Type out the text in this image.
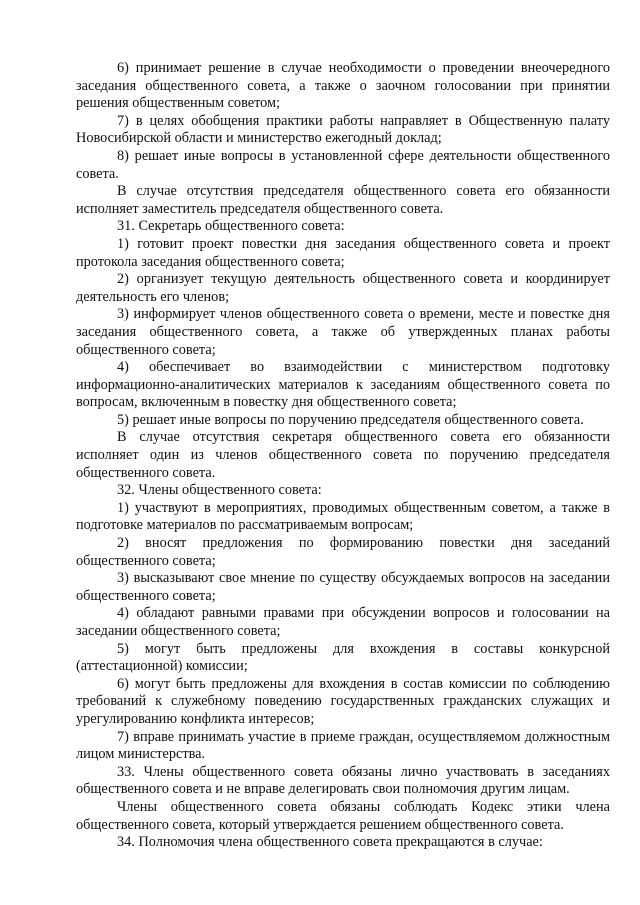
6) принимает решение в случае необходимости о проведении внеочередного заседания общественного совета, а также о заочном голосовании при принятии решения общественным советом;

7) в целях обобщения практики работы направляет в Общественную палату Новосибирской области и министерство ежегодный доклад;

8) решает иные вопросы в установленной сфере деятельности общественного совета.

В случае отсутствия председателя общественного совета его обязанности исполняет заместитель председателя общественного совета.

31. Секретарь общественного совета:

1) готовит проект повестки дня заседания общественного совета и проект протокола заседания общественного совета;

2) организует текущую деятельность общественного совета и координирует деятельность его членов;

3) информирует членов общественного совета о времени, месте и повестке дня заседания общественного совета, а также об утвержденных планах работы общественного совета;

4) обеспечивает во взаимодействии с министерством подготовку информационно-аналитических материалов к заседаниям общественного совета по вопросам, включенным в повестку дня общественного совета;

5) решает иные вопросы по поручению председателя общественного совета.

В случае отсутствия секретаря общественного совета его обязанности исполняет один из членов общественного совета по поручению председателя общественного совета.

32. Члены общественного совета:

1) участвуют в мероприятиях, проводимых общественным советом, а также в подготовке материалов по рассматриваемым вопросам;

2) вносят предложения по формированию повестки дня заседаний общественного совета;

3) высказывают свое мнение по существу обсуждаемых вопросов на заседании общественного совета;

4) обладают равными правами при обсуждении вопросов и голосовании на заседании общественного совета;

5) могут быть предложены для вхождения в составы конкурсной (аттестационной) комиссии;

6) могут быть предложены для вхождения в состав комиссии по соблюдению требований к служебному поведению государственных гражданских служащих и урегулированию конфликта интересов;

7) вправе принимать участие в приеме граждан, осуществляемом должностным лицом министерства.

33. Члены общественного совета обязаны лично участвовать в заседаниях общественного совета и не вправе делегировать свои полномочия другим лицам.

Члены общественного совета обязаны соблюдать Кодекс этики члена общественного совета, который утверждается решением общественного совета.

34. Полномочия члена общественного совета прекращаются в случае:
